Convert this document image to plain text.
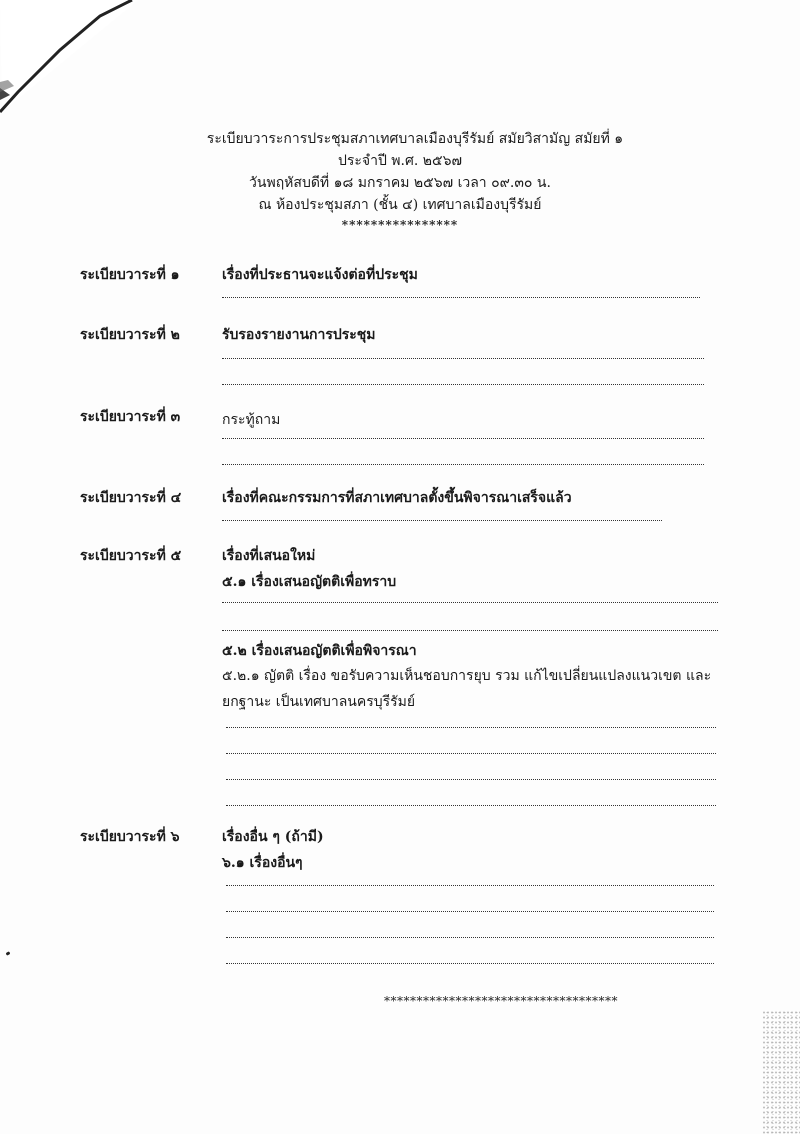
ระเบียบวาระการประชุมสภาเทศบาลเมืองบุรีรัมย์ สมัยวิสามัญ สมัยที่ ๑
ประจำปี พ.ศ. ๒๕๖๗
วันพฤหัสบดีที่ ๑๘ มกราคม ๒๕๖๗ เวลา ๐๙.๓๐ น.
ณ ห้องประชุมสภา (ชั้น ๔) เทศบาลเมืองบุรีรัมย์
****************
ระเบียบวาระที่ ๑	เรื่องที่ประธานจะแจ้งต่อที่ประชุม
ระเบียบวาระที่ ๒	รับรองรายงานการประชุม
ระเบียบวาระที่ ๓	กระทู้ถาม
ระเบียบวาระที่ ๔	เรื่องที่คณะกรรมการที่สภาเทศบาลตั้งขึ้นพิจารณาเสร็จแล้ว
ระเบียบวาระที่ ๕	เรื่องที่เสนอใหม่
๕.๑ เรื่องเสนอญัตติเพื่อทราบ
๕.๒ เรื่องเสนอญัตติเพื่อพิจารณา
๕.๒.๑ ญัตติ เรื่อง ขอรับความเห็นชอบการยุบ รวม แก้ไขเปลี่ยนแปลงแนวเขต และ
ยกฐานะ เป็นเทศบาลนครบุรีรัมย์
ระเบียบวาระที่ ๖	เรื่องอื่น ๆ (ถ้ามี)
๖.๑ เรื่องอื่นๆ
************************************
